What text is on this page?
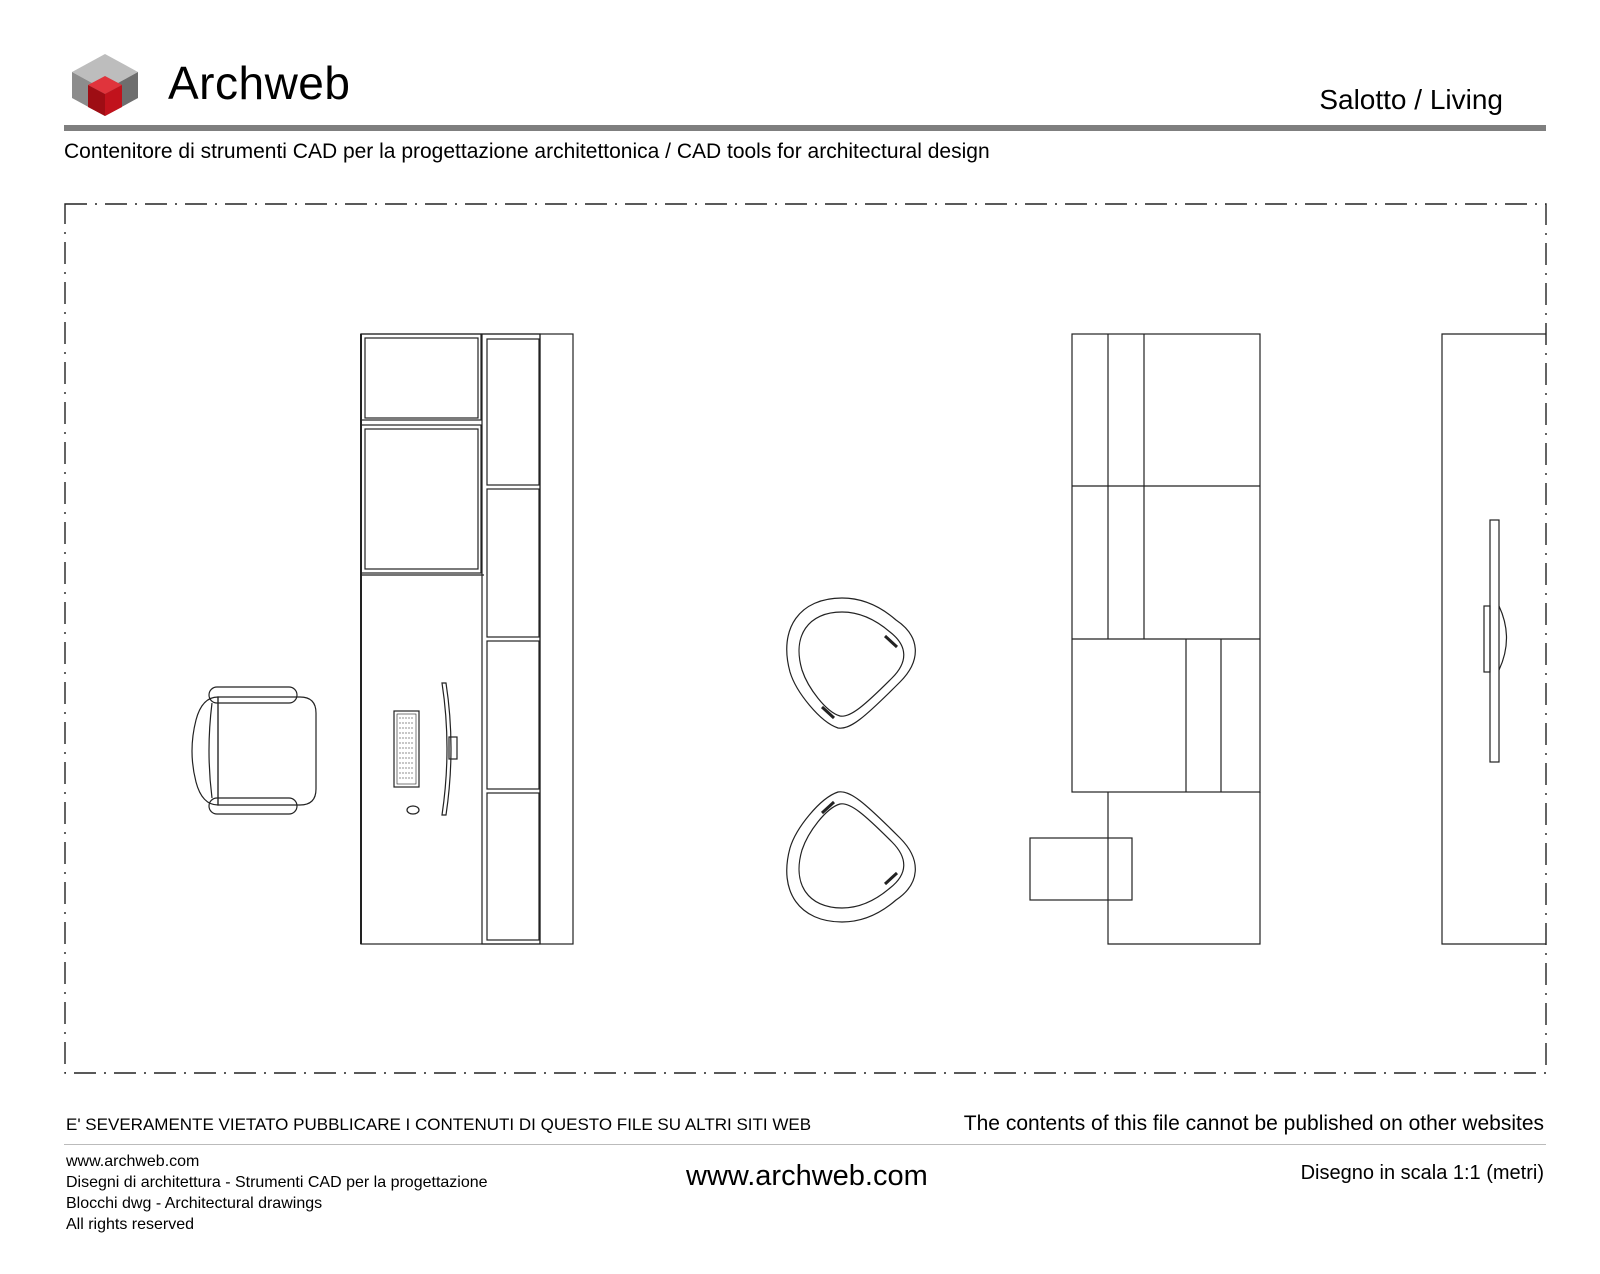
Archweb	Salotto / Living
Contenitore di strumenti CAD per la progettazione architettonica / CAD tools for architectural design
E' SEVERAMENTE VIETATO PUBBLICARE I CONTENUTI DI QUESTO FILE SU ALTRI SITI WEB	The contents of this file cannot be published on other websites
www.archweb.com
Disegni di architettura - Strumenti CAD per la progettazione
Blocchi dwg - Architectural drawings
All rights reserved
www.archweb.com	Disegno in scala 1:1 (metri)
